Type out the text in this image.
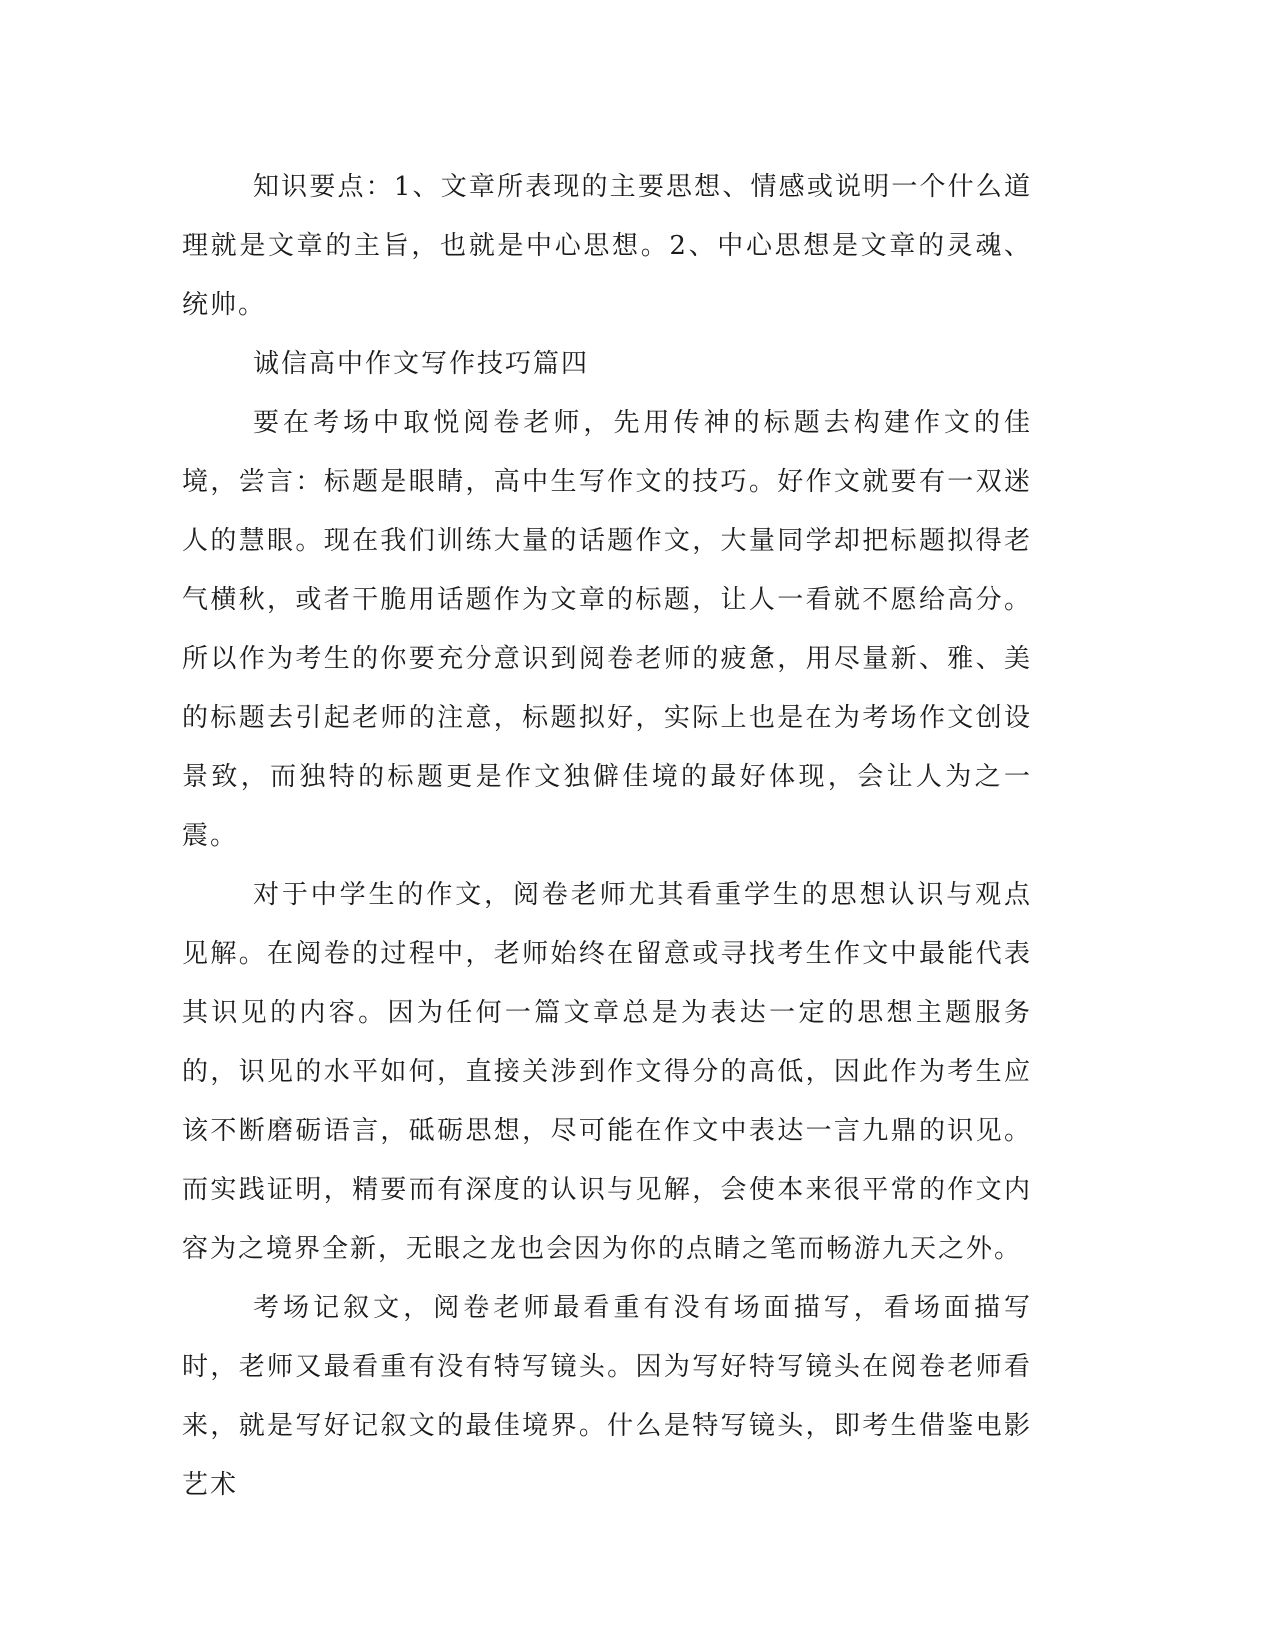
知识要点：1、文章所表现的主要思想、情感或说明一个什么道理就是文章的主旨，也就是中心思想。2、中心思想是文章的灵魂、统帅。

诚信高中作文写作技巧篇四

要在考场中取悦阅卷老师，先用传神的标题去构建作文的佳境，尝言：标题是眼睛，高中生写作文的技巧。好作文就要有一双迷人的慧眼。现在我们训练大量的话题作文，大量同学却把标题拟得老气横秋，或者干脆用话题作为文章的标题，让人一看就不愿给高分。所以作为考生的你要充分意识到阅卷老师的疲惫，用尽量新、雅、美的标题去引起老师的注意，标题拟好，实际上也是在为考场作文创设景致，而独特的标题更是作文独僻佳境的最好体现，会让人为之一震。

对于中学生的作文，阅卷老师尤其看重学生的思想认识与观点见解。在阅卷的过程中，老师始终在留意或寻找考生作文中最能代表其识见的内容。因为任何一篇文章总是为表达一定的思想主题服务的，识见的水平如何，直接关涉到作文得分的高低，因此作为考生应该不断磨砺语言，砥砺思想，尽可能在作文中表达一言九鼎的识见。而实践证明，精要而有深度的认识与见解，会使本来很平常的作文内容为之境界全新，无眼之龙也会因为你的点睛之笔而畅游九天之外。

考场记叙文，阅卷老师最看重有没有场面描写，看场面描写时，老师又最看重有没有特写镜头。因为写好特写镜头在阅卷老师看来，就是写好记叙文的最佳境界。什么是特写镜头，即考生借鉴电影艺术
